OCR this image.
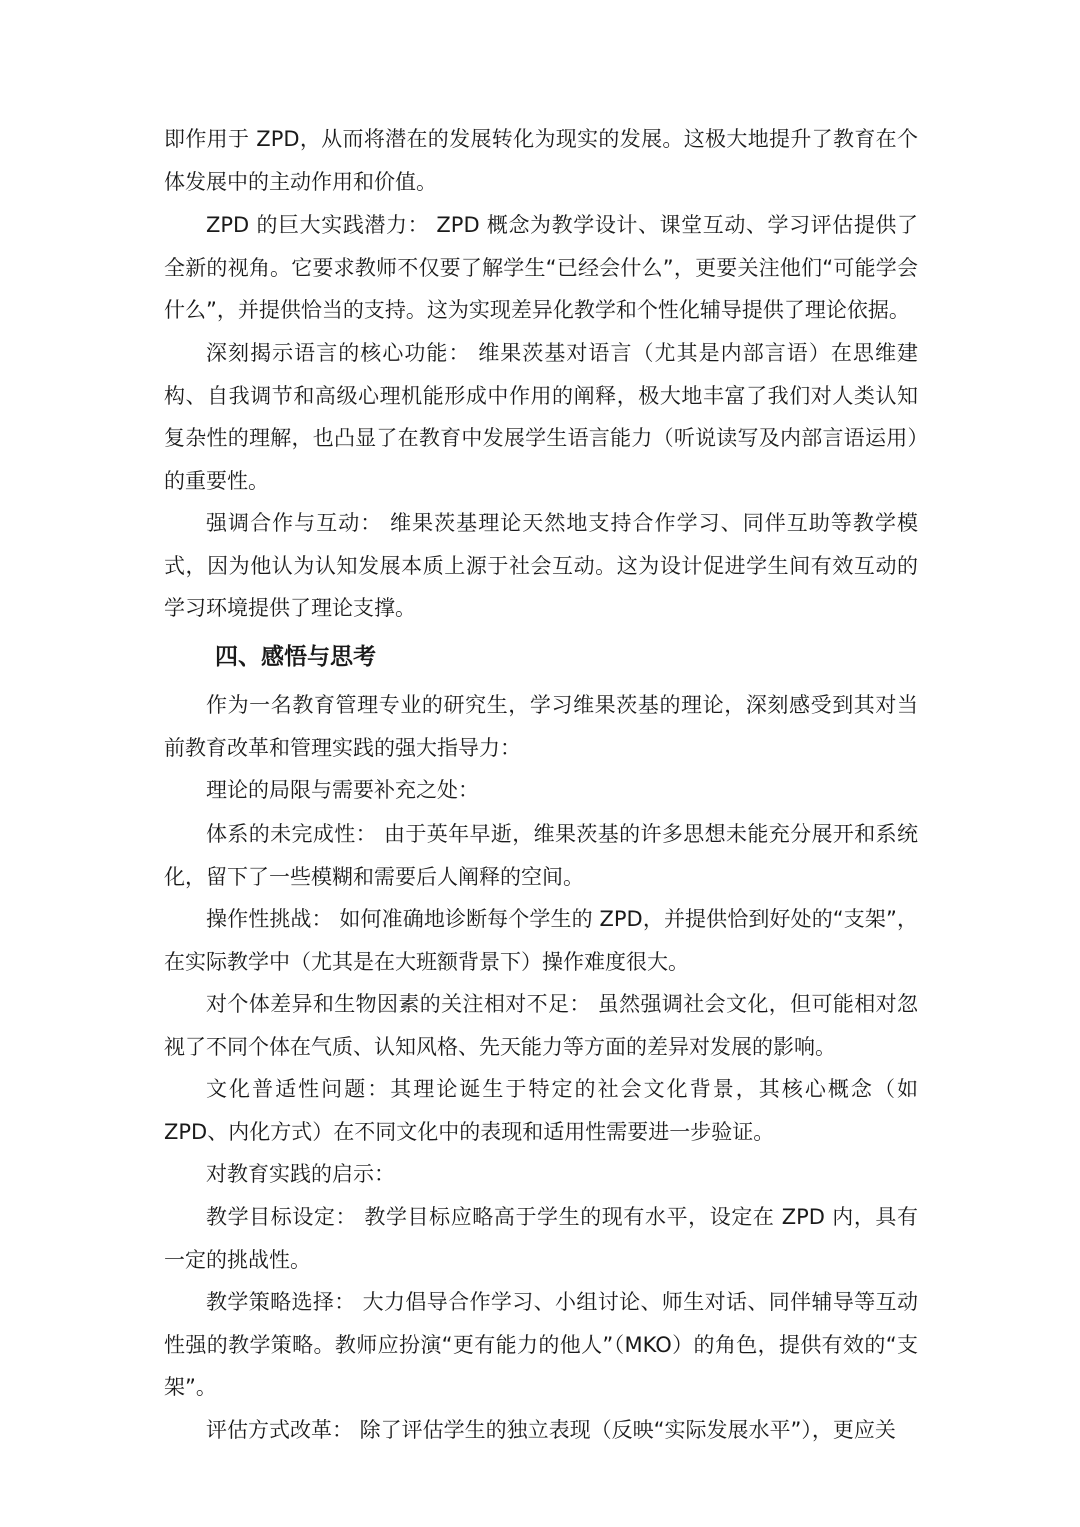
即作用于 ZPD，从而将潜在的发展转化为现实的发展。这极大地提升了教育在个体发展中的主动作用和价值。

ZPD 的巨大实践潜力： ZPD 概念为教学设计、课堂互动、学习评估提供了全新的视角。它要求教师不仅要了解学生“已经会什么”，更要关注他们“可能学会什么”，并提供恰当的支持。这为实现差异化教学和个性化辅导提供了理论依据。

深刻揭示语言的核心功能： 维果茨基对语言（尤其是内部言语）在思维建构、自我调节和高级心理机能形成中作用的阐释，极大地丰富了我们对人类认知复杂性的理解，也凸显了在教育中发展学生语言能力（听说读写及内部言语运用）的重要性。

强调合作与互动： 维果茨基理论天然地支持合作学习、同伴互助等教学模式，因为他认为认知发展本质上源于社会互动。这为设计促进学生间有效互动的学习环境提供了理论支撑。

四、感悟与思考

作为一名教育管理专业的研究生，学习维果茨基的理论，深刻感受到其对当前教育改革和管理实践的强大指导力：

理论的局限与需要补充之处：

体系的未完成性： 由于英年早逝，维果茨基的许多思想未能充分展开和系统化，留下了一些模糊和需要后人阐释的空间。

操作性挑战： 如何准确地诊断每个学生的 ZPD，并提供恰到好处的“支架”，在实际教学中（尤其是在大班额背景下）操作难度很大。

对个体差异和生物因素的关注相对不足： 虽然强调社会文化，但可能相对忽视了不同个体在气质、认知风格、先天能力等方面的差异对发展的影响。

文化普适性问题：其理论诞生于特定的社会文化背景，其核心概念（如 ZPD、内化方式）在不同文化中的表现和适用性需要进一步验证。

对教育实践的启示：

教学目标设定： 教学目标应略高于学生的现有水平，设定在 ZPD 内，具有一定的挑战性。

教学策略选择： 大力倡导合作学习、小组讨论、师生对话、同伴辅导等互动性强的教学策略。教师应扮演“更有能力的他人”（MKO）的角色，提供有效的“支架”。

评估方式改革： 除了评估学生的独立表现（反映“实际发展水平”），更应关
